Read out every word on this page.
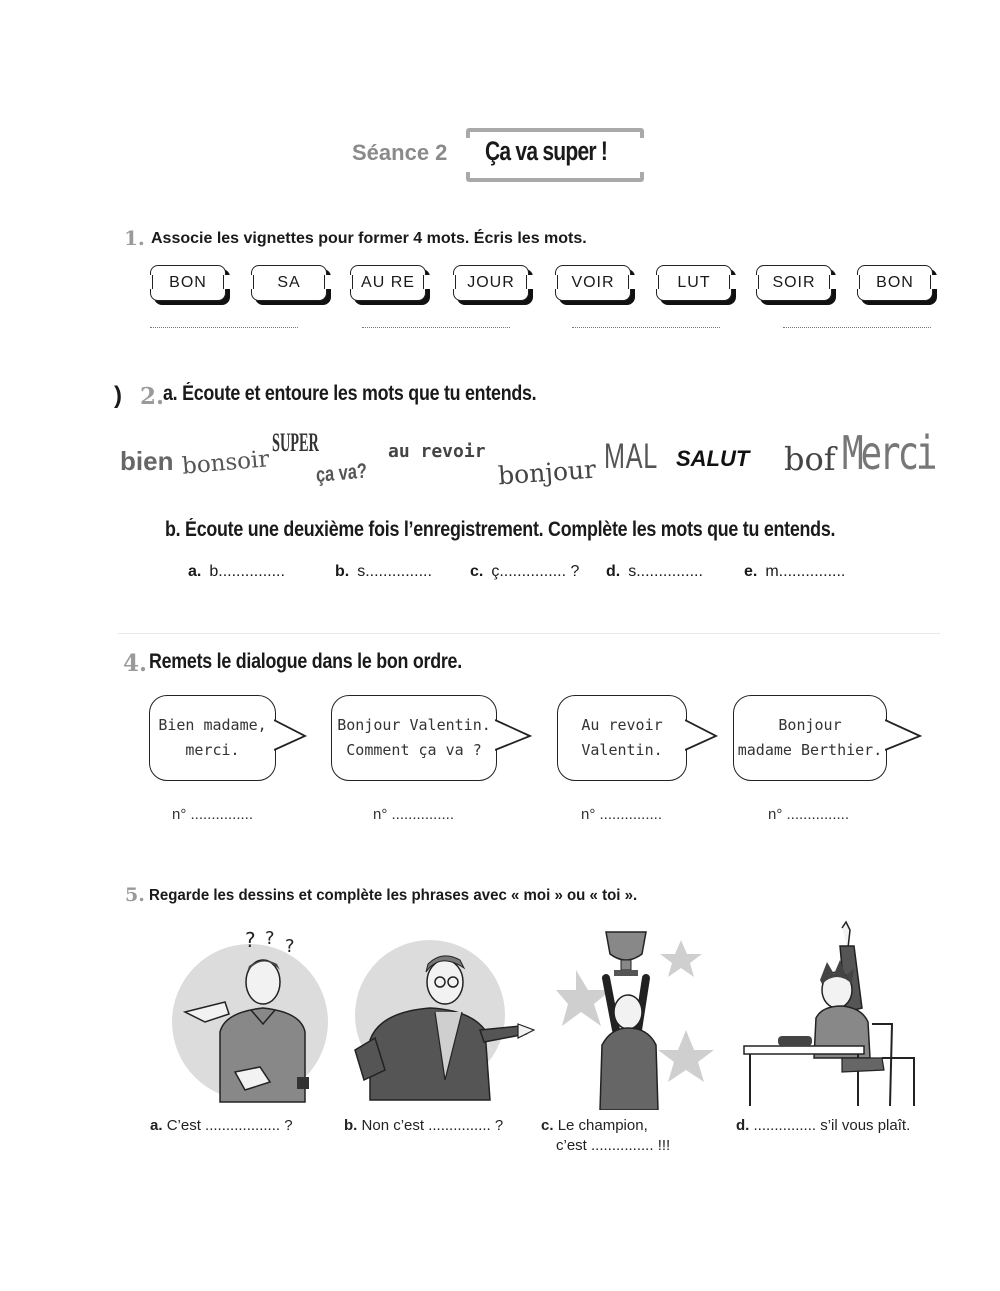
Séance 2 Ça va super !
1. Associe les vignettes pour former 4 mots. Écris les mots.
BON	SA	AU RE	JOUR	VOIR	LUT	SOIR	BON
) 2.
a. Écoute et entoure les mots que tu entends.
bien bonsoir
SUPER
ça va?
au revoir
bonjour MAL SALUT bof Merci
b. Écoute une deuxième fois l’enregistrement. Complète les mots que tu entends.
a. b...............	b. s............... c. ç............... ? d. s...............	e. m...............
4. Remets le dialogue dans le bon ordre.
Bien madame,
merci.
Bonjour Valentin.
Comment ça va ?
Au revoir
Valentin.
Bonjour
madame Berthier.
n° ...............	n° ...............	n° ...............	n° ...............
5. Regarde les dessins et complète les phrases avec « moi » ou « toi ».
? ? ?
a. C’est .................. ?	b. Non c’est ............... ?	c. Le champion,
c’est ............... !!!
d. ............... s’il vous plaît.
